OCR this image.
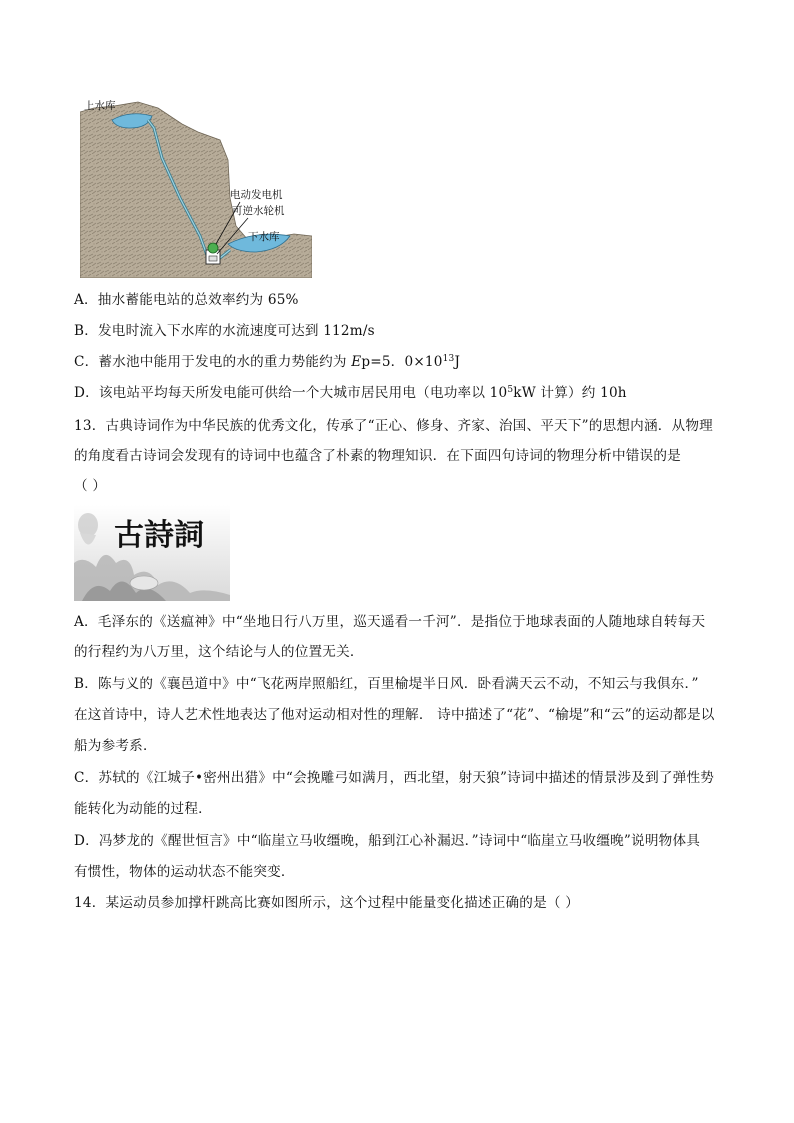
上水库
电动发电机
可逆水轮机
下水库
A．抽水蓄能电站的总效率约为 65%
B．发电时流入下水库的水流速度可达到 112m/s
C．蓄水池中能用于发电的水的重力势能约为 Ep=5．$0\times 10^{13}J$
D．该电站平均每天所发电能可供给一个大城市居民用电（电功率以 $10^5kW$ 计算）约 10h
13．古典诗词作为中华民族的优秀文化，传承了“正心、修身、齐家、治国、平天下”的思想内涵．从物理
的角度看古诗词会发现有的诗词中也蕴含了朴素的物理知识．在下面四句诗词的物理分析中错误的是
（ ）
古詩詞
A．毛泽东的《送瘟神》中“坐地日行八万里，巡天遥看一千河”．是指位于地球表面的人随地球自转每天
的行程约为八万里，这个结论与人的位置无关．
B．陈与义的《襄邑道中》中“飞花两岸照船红，百里榆堤半日风．卧看满天云不动，不知云与我俱东．”
在这首诗中，诗人艺术性地表达了他对运动相对性的理解． 诗中描述了“花”、“榆堤”和“云”的运动都是以
船为参考系．
C．苏轼的《江城子•密州出猎》中“会挽雕弓如满月，西北望，射天狼”诗词中描述的情景涉及到了弹性势
能转化为动能的过程．
D．冯梦龙的《醒世恒言》中“临崖立马收缰晚，船到江心补漏迟．”诗词中“临崖立马收缰晚”说明物体具
有惯性，物体的运动状态不能突变．
14．某运动员参加撑杆跳高比赛如图所示，这个过程中能量变化描述正确的是（ ）
